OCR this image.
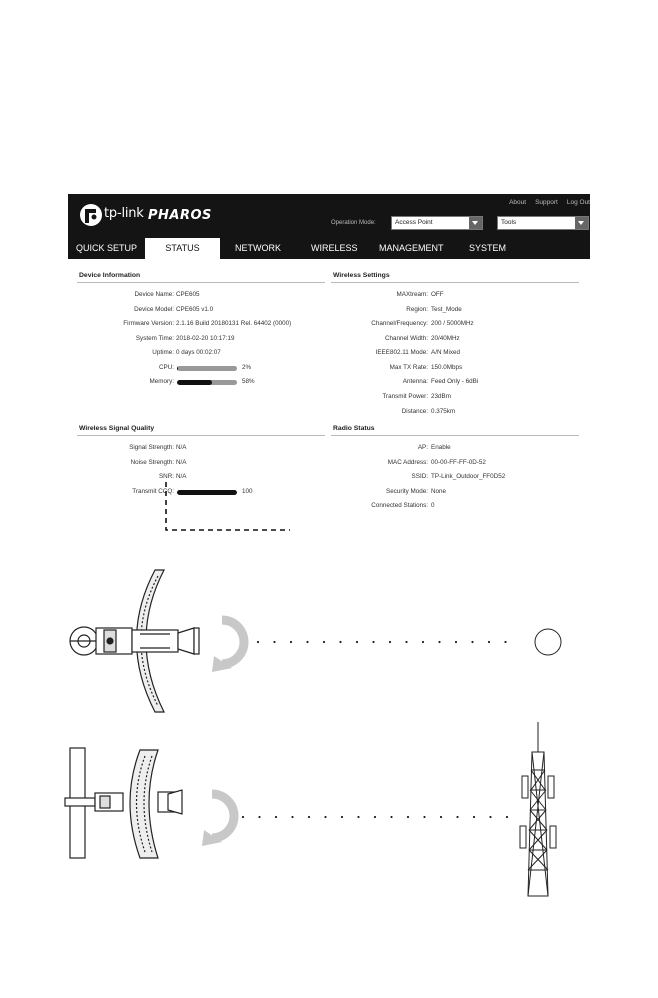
tp-link PHAROS
About Support Log Out
Operation Mode:	Access Point	Tools
QUICK SETUP	STATUS	NETWORK	WIRELESS MANAGEMENT	SYSTEM
Device Information
Device Name: CPE605
Device Model: CPE605 v1.0
Firmware Version: 2.1.16 Build 20180131 Rel. 64402 (0000)
System Time: 2018-02-20 10:17:19
Uptime: 0 days 00:02:07
CPU:	2%
Memory:	58%
Wireless Settings
MAXtream: OFF
Region: Test_Mode
Channel/Frequency: 200 / 5000MHz
Channel Width: 20/40MHz
IEEE802.11 Mode: A/N Mixed
Max TX Rate: 150.0Mbps
Antenna: Feed Only - 6dBi
Transmit Power: 23dBm
Distance: 0.375km
Wireless Signal Quality
Signal Strength: N/A
Noise Strength: N/A
SNR: N/A
Transmit CCQ:	100
Radio Status
AP: Enable
MAC Address: 00-00-FF-FF-0D-52
SSID: TP-Link_Outdoor_FF0D52
Security Mode: None
Connected Stations: 0
